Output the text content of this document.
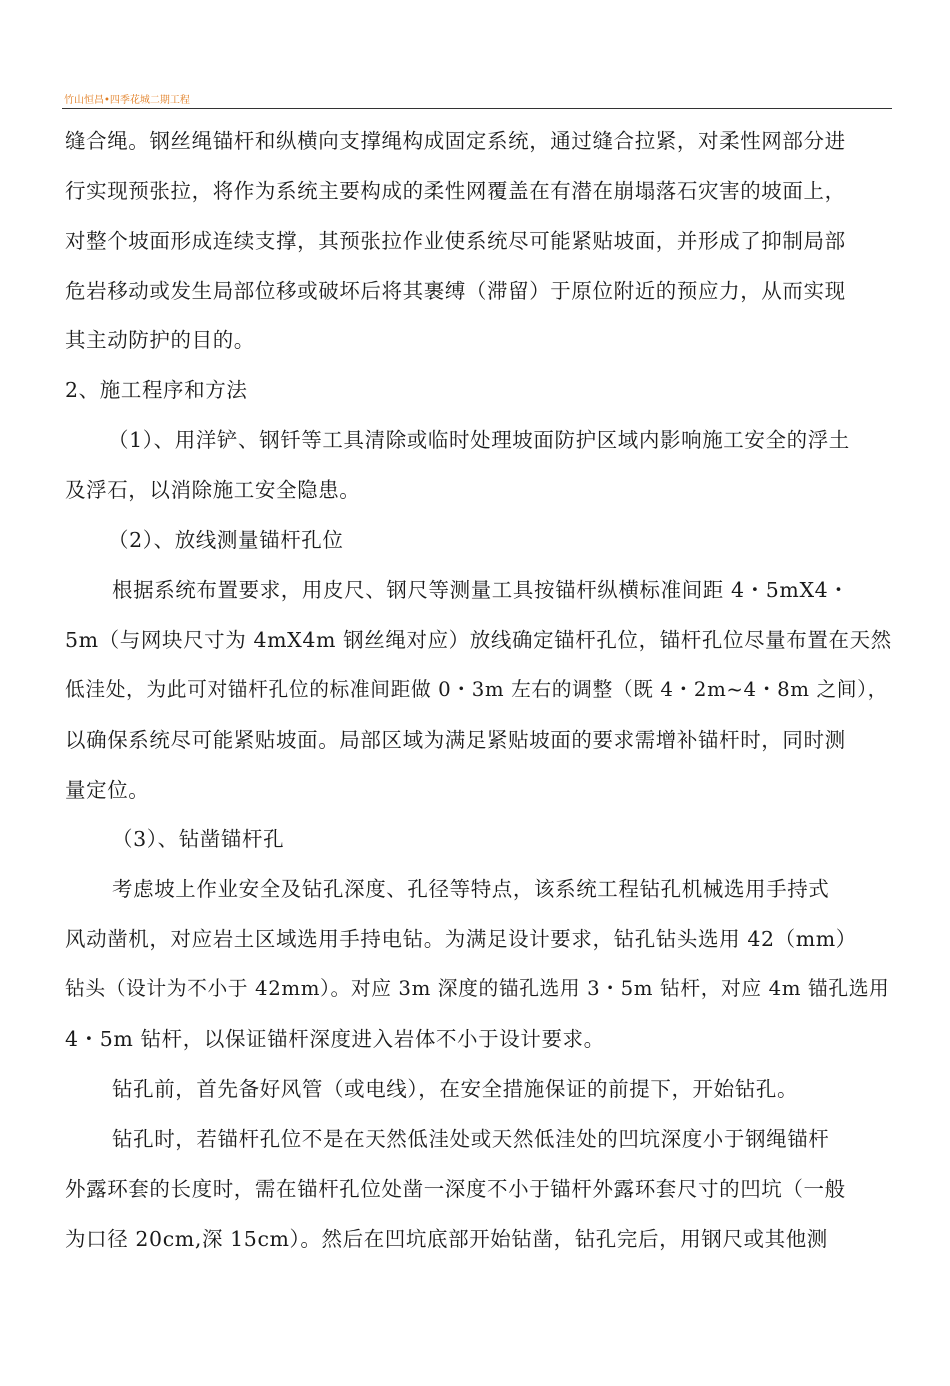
竹山恒昌•四季花城二期工程
缝合绳。钢丝绳锚杆和纵横向支撑绳构成固定系统，通过缝合拉紧，对柔性网部分进
行实现预张拉，将作为系统主要构成的柔性网覆盖在有潜在崩塌落石灾害的坡面上，
对整个坡面形成连续支撑，其预张拉作业使系统尽可能紧贴坡面，并形成了抑制局部
危岩移动或发生局部位移或破坏后将其裹缚（滞留）于原位附近的预应力，从而实现
其主动防护的目的。
2、施工程序和方法
（1）、用洋铲、钢钎等工具清除或临时处理坡面防护区域内影响施工安全的浮土
及浮石，以消除施工安全隐患。
（2）、放线测量锚杆孔位
根据系统布置要求，用皮尺、钢尺等测量工具按锚杆纵横标准间距 4・5mX4・
5m（与网块尺寸为 4mX4m 钢丝绳对应）放线确定锚杆孔位，锚杆孔位尽量布置在天然
低洼处，为此可对锚杆孔位的标准间距做 0・3m 左右的调整（既 4・2m~4・8m 之间），
以确保系统尽可能紧贴坡面。局部区域为满足紧贴坡面的要求需增补锚杆时，同时测
量定位。
（3）、钻凿锚杆孔
考虑坡上作业安全及钻孔深度、孔径等特点，该系统工程钻孔机械选用手持式
风动凿机，对应岩土区域选用手持电钻。为满足设计要求，钻孔钻头选用 42（mm）
钻头（设计为不小于 42mm）。对应 3m 深度的锚孔选用 3・5m 钻杆，对应 4m 锚孔选用
4・5m 钻杆，以保证锚杆深度进入岩体不小于设计要求。
钻孔前，首先备好风管（或电线），在安全措施保证的前提下，开始钻孔。
钻孔时，若锚杆孔位不是在天然低洼处或天然低洼处的凹坑深度小于钢绳锚杆
外露环套的长度时，需在锚杆孔位处凿一深度不小于锚杆外露环套尺寸的凹坑（一般
为口径 20cm,深 15cm）。然后在凹坑底部开始钻凿，钻孔完后，用钢尺或其他测
